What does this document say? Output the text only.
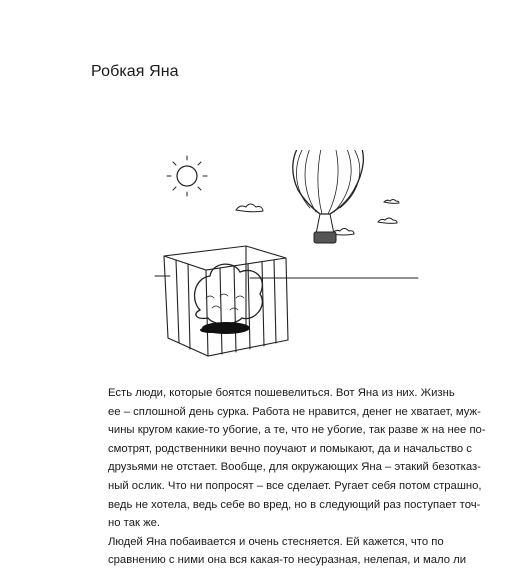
Робкая Яна

Есть люди, которые боятся пошевелиться. Вот Яна из них. Жизнь
ее – сплошной день сурка. Работа не нравится, денег не хватает, муж-
чины кругом какие-то убогие, а те, что не убогие, так разве ж на нее по-
смотрят, родственники вечно поучают и помыкают, да и начальство с
друзьями не отстает. Вообще, для окружающих Яна – этакий безотказ-
ный ослик. Что ни попросят – все сделает. Ругает себя потом страшно,
ведь не хотела, ведь себе во вред, но в следующий раз поступает точ-
но так же.

Людей Яна побаивается и очень стесняется. Ей кажется, что по
сравнению с ними она вся какая-то несуразная, нелепая, и мало ли
